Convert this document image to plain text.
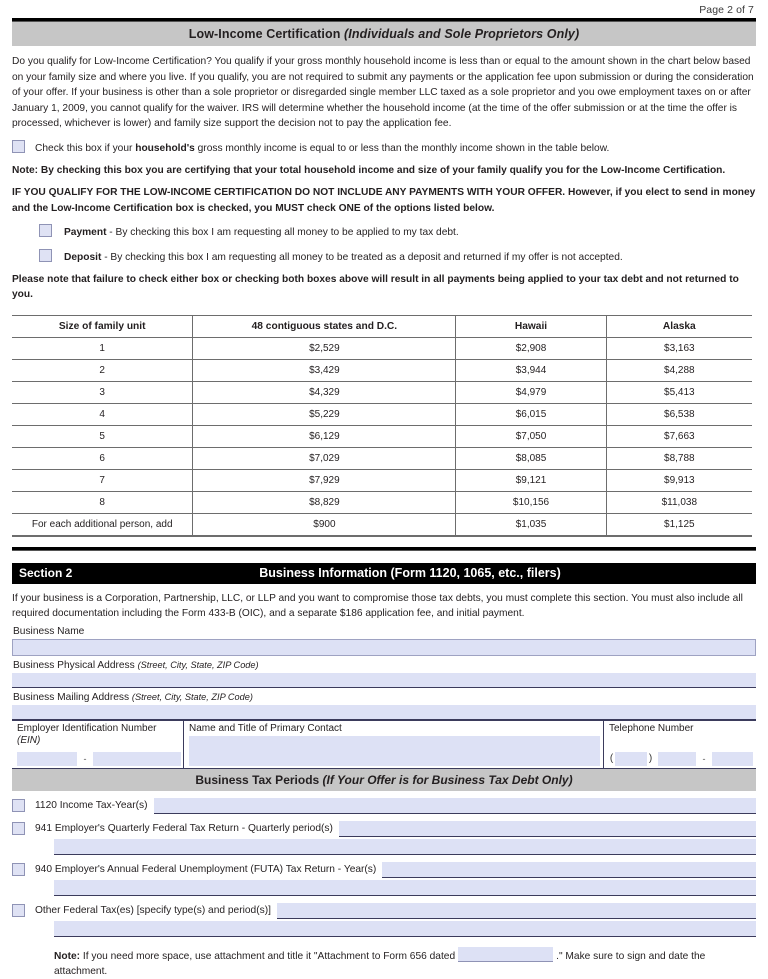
Page 2 of 7
Low-Income Certification (Individuals and Sole Proprietors Only)

Do you qualify for Low-Income Certification? You qualify if your gross monthly household income is less than or equal to the amount shown in the chart below based on your family size and where you live. If you qualify, you are not required to submit any payments or the application fee upon submission or during the consideration of your offer. If your business is other than a sole proprietor or disregarded single member LLC taxed as a sole proprietor and you owe employment taxes on or after January 1, 2009, you cannot qualify for the waiver. IRS will determine whether the household income (at the time of the offer submission or at the time the offer is processed, whichever is lower) and family size support the decision not to pay the application fee.

Check this box if your household's gross monthly income is equal to or less than the monthly income shown in the table below.

Note: By checking this box you are certifying that your total household income and size of your family qualify you for the Low-Income Certification.

IF YOU QUALIFY FOR THE LOW-INCOME CERTIFICATION DO NOT INCLUDE ANY PAYMENTS WITH YOUR OFFER. However, if you elect to send in money and the Low-Income Certification box is checked, you MUST check ONE of the options listed below.

Payment - By checking this box I am requesting all money to be applied to my tax debt.
Deposit - By checking this box I am requesting all money to be treated as a deposit and returned if my offer is not accepted.

Please note that failure to check either box or checking both boxes above will result in all payments being applied to your tax debt and not returned to you.

Size of family unit	48 contiguous states and D.C.	Hawaii	Alaska
1	$2,529	$2,908	$3,163
2	$3,429	$3,944	$4,288
3	$4,329	$4,979	$5,413
4	$5,229	$6,015	$6,538
5	$6,129	$7,050	$7,663
6	$7,029	$8,085	$8,788
7	$7,929	$9,121	$9,913
8	$8,829	$10,156	$11,038
For each additional person, add	$900	$1,035	$1,125
Section 2	Business Information (Form 1120, 1065, etc., filers)

If your business is a Corporation, Partnership, LLC, or LLP and you want to compromise those tax debts, you must complete this section. You must also include all required documentation including the Form 433-B (OIC), and a separate $186 application fee, and initial payment.

Business Name
Business Physical Address (Street, City, State, ZIP Code)
Business Mailing Address (Street, City, State, ZIP Code)
Employer Identification Number
(EIN)
-
Name and Title of Primary Contact	Telephone Number
(	)	-
Business Tax Periods (If Your Offer is for Business Tax Debt Only)
1120 Income Tax-Year(s)
941 Employer's Quarterly Federal Tax Return - Quarterly period(s)
940 Employer's Annual Federal Unemployment (FUTA) Tax Return - Year(s)
Other Federal Tax(es) [specify type(s) and period(s)]
Note: If you need more space, use attachment and title it "Attachment to Form 656 dated	." Make sure to sign and date the attachment.
